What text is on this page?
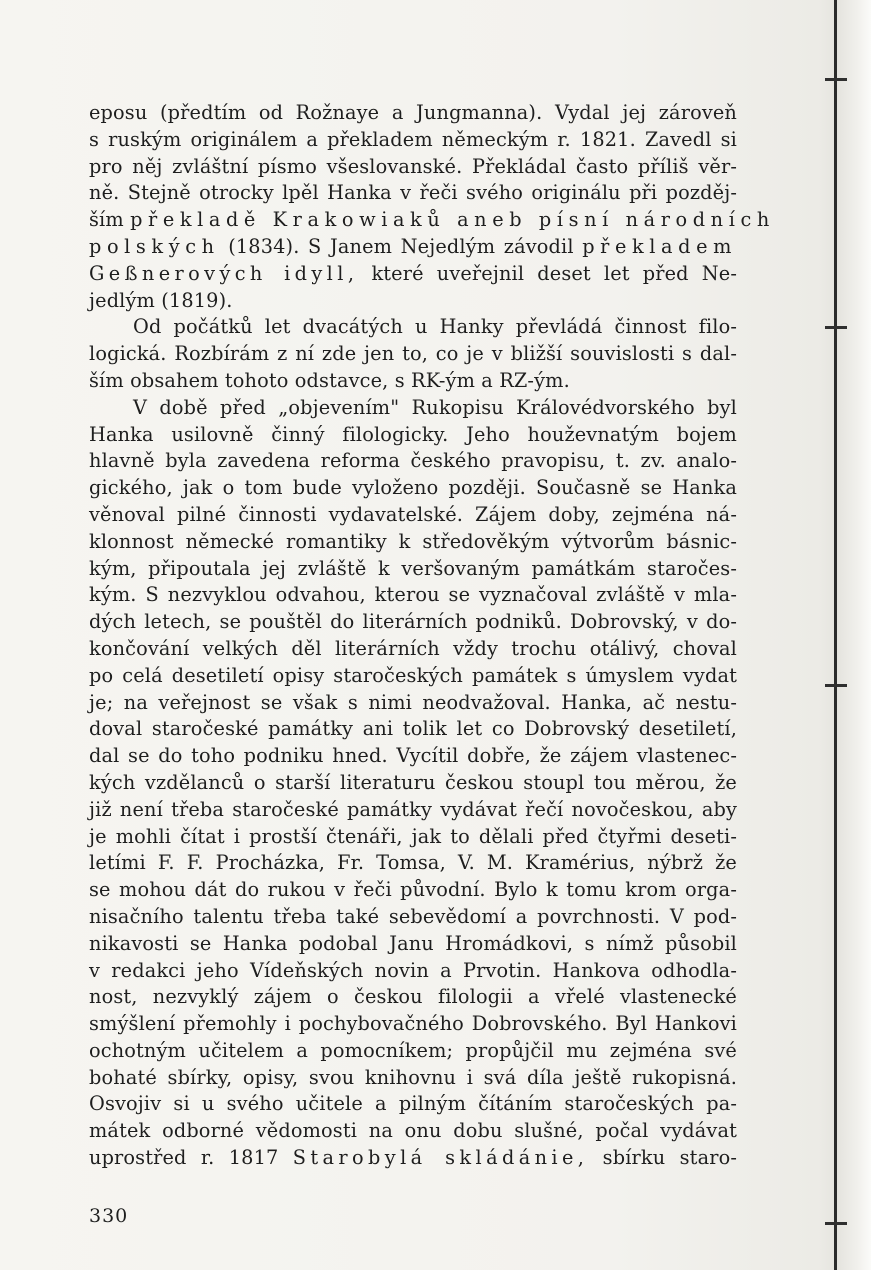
eposu (předtím od Rožnaye a Jungmanna). Vydal jej zároveň
s ruským originálem a překladem německým r. 1821. Zavedl si
pro něj zvláštní písmo všeslovanské. Překládal často příliš věr-
ně. Stejně otrocky lpěl Hanka v řeči svého originálu při pozděj-
ším překladě Krakowiaků aneb písní národních
polských (1834). S Janem Nejedlým závodil překladem
Geßnerových idyll, které uveřejnil deset let před Ne-
jedlým (1819).
Od počátků let dvacátých u Hanky převládá činnost filo-
logická. Rozbírám z ní zde jen to, co je v bližší souvislosti s dal-
ším obsahem tohoto odstavce, s RK-ým a RZ-ým.
V době před „objevením" Rukopisu Královédvorského byl
Hanka usilovně činný filologicky. Jeho houževnatým bojem
hlavně byla zavedena reforma českého pravopisu, t. zv. analo-
gického, jak o tom bude vyloženo později. Současně se Hanka
věnoval pilné činnosti vydavatelské. Zájem doby, zejména ná-
klonnost německé romantiky k středověkým výtvorům básnic-
kým, připoutala jej zvláště k veršovaným památkám staročes-
kým. S nezvyklou odvahou, kterou se vyznačoval zvláště v mla-
dých letech, se pouštěl do literárních podniků. Dobrovský, v do-
končování velkých děl literárních vždy trochu otálivý, choval
po celá desetiletí opisy staročeských památek s úmyslem vydat
je; na veřejnost se však s nimi neodvažoval. Hanka, ač nestu-
doval staročeské památky ani tolik let co Dobrovský desetiletí,
dal se do toho podniku hned. Vycítil dobře, že zájem vlastenec-
kých vzdělanců o starší literaturu českou stoupl tou měrou, že
již není třeba staročeské památky vydávat řečí novočeskou, aby
je mohli čítat i prostší čtenáři, jak to dělali před čtyřmi deseti-
letími F. F. Procházka, Fr. Tomsa, V. M. Kramérius, nýbrž že
se mohou dát do rukou v řeči původní. Bylo k tomu krom orga-
nisačního talentu třeba také sebevědomí a povrchnosti. V pod-
nikavosti se Hanka podobal Janu Hromádkovi, s nímž působil
v redakci jeho Vídeňských novin a Prvotin. Hankova odhodla-
nost, nezvyklý zájem o českou filologii a vřelé vlastenecké
smýšlení přemohly i pochybovačného Dobrovského. Byl Hankovi
ochotným učitelem a pomocníkem; propůjčil mu zejména své
bohaté sbírky, opisy, svou knihovnu i svá díla ještě rukopisná.
Osvojiv si u svého učitele a pilným čítáním staročeských pa-
mátek odborné vědomosti na onu dobu slušné, počal vydávat
uprostřed r. 1817 Starobylá skládánie, sbírku staro-
330
